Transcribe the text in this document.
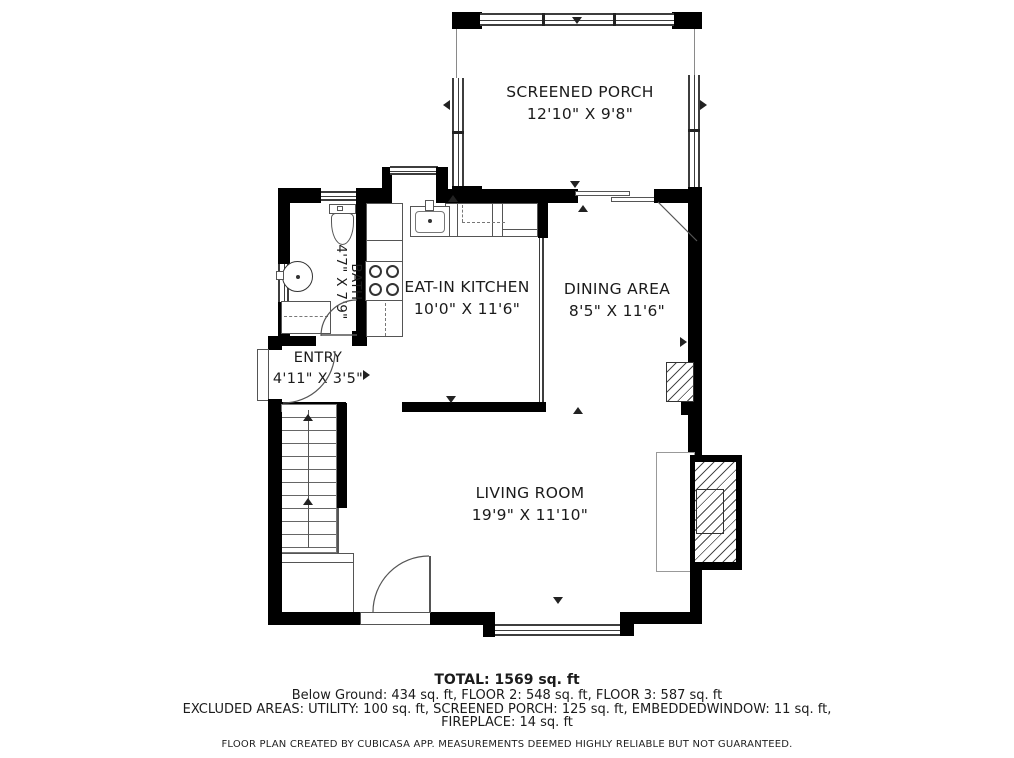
SCREENED PORCH
12'10" X 9'8"
BATH
4'7" X 7'9"	EAT-IN KITCHEN
10'0" X 11'6"
DINING AREA
8'5" X 11'6"
ENTRY
4'11" X 3'5"
LIVING ROOM
19'9" X 11'10"
TOTAL: 1569 sq. ft
Below Ground: 434 sq. ft, FLOOR 2: 548 sq. ft, FLOOR 3: 587 sq. ft
EXCLUDED AREAS: UTILITY: 100 sq. ft, SCREENED PORCH: 125 sq. ft, EMBEDDEDWINDOW: 11 sq. ft,
FIREPLACE: 14 sq. ft
FLOOR PLAN CREATED BY CUBICASA APP. MEASUREMENTS DEEMED HIGHLY RELIABLE BUT NOT GUARANTEED.
